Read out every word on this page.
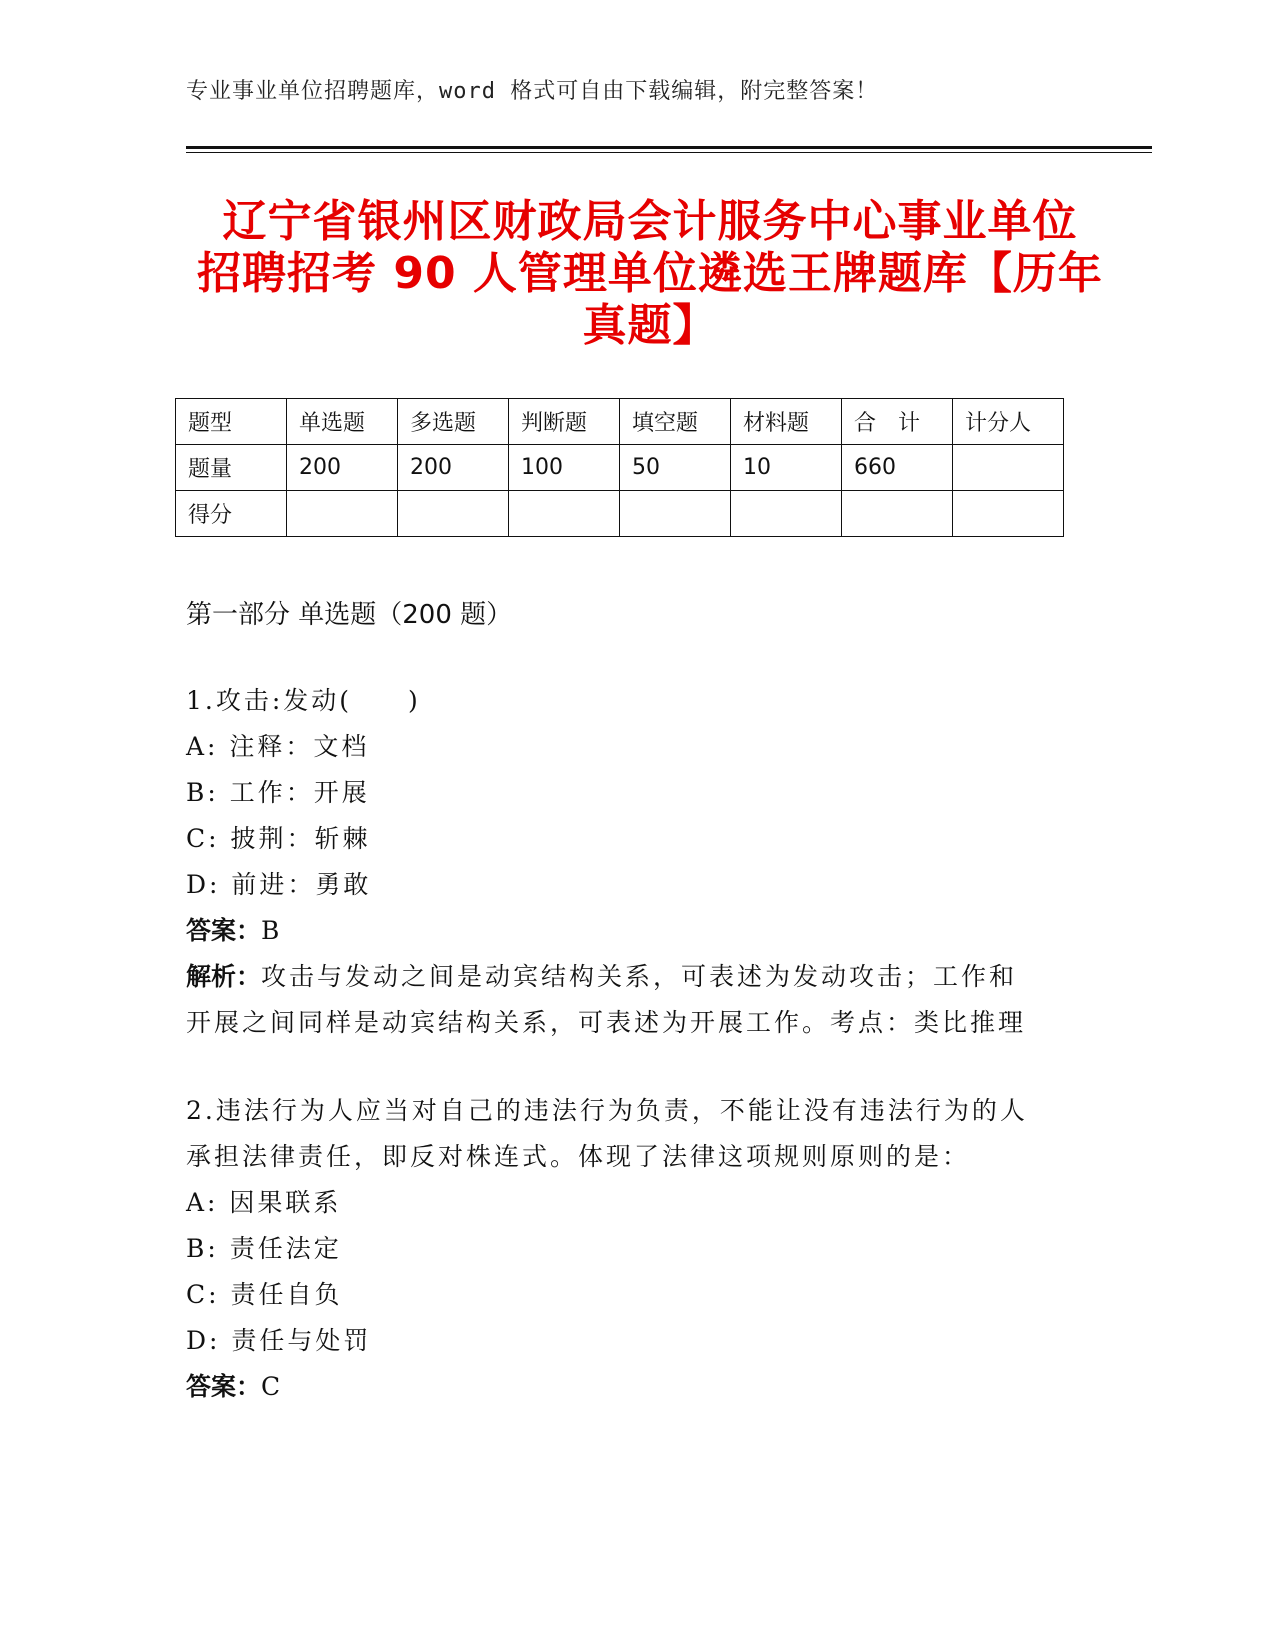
专业事业单位招聘题库，word 格式可自由下载编辑，附完整答案！
辽宁省银州区财政局会计服务中心事业单位
招聘招考 90 人管理单位遴选王牌题库【历年
真题】
题型	单选题	多选题	判断题	填空题	材料题	合　计	计分人
题量	200	200	100	50	10	660	
得分							
第一部分 单选题（200 题）

1.攻击:发动(　　)

A: 注释：文档

B: 工作：开展

C: 披荆：斩棘

D: 前进：勇敢

答案：B

解析：攻击与发动之间是动宾结构关系，可表述为发动攻击；工作和

开展之间同样是动宾结构关系，可表述为开展工作。考点：类比推理

2.违法行为人应当对自己的违法行为负责，不能让没有违法行为的人

承担法律责任，即反对株连式。体现了法律这项规则原则的是：

A: 因果联系

B: 责任法定

C: 责任自负

D: 责任与处罚

答案：C
